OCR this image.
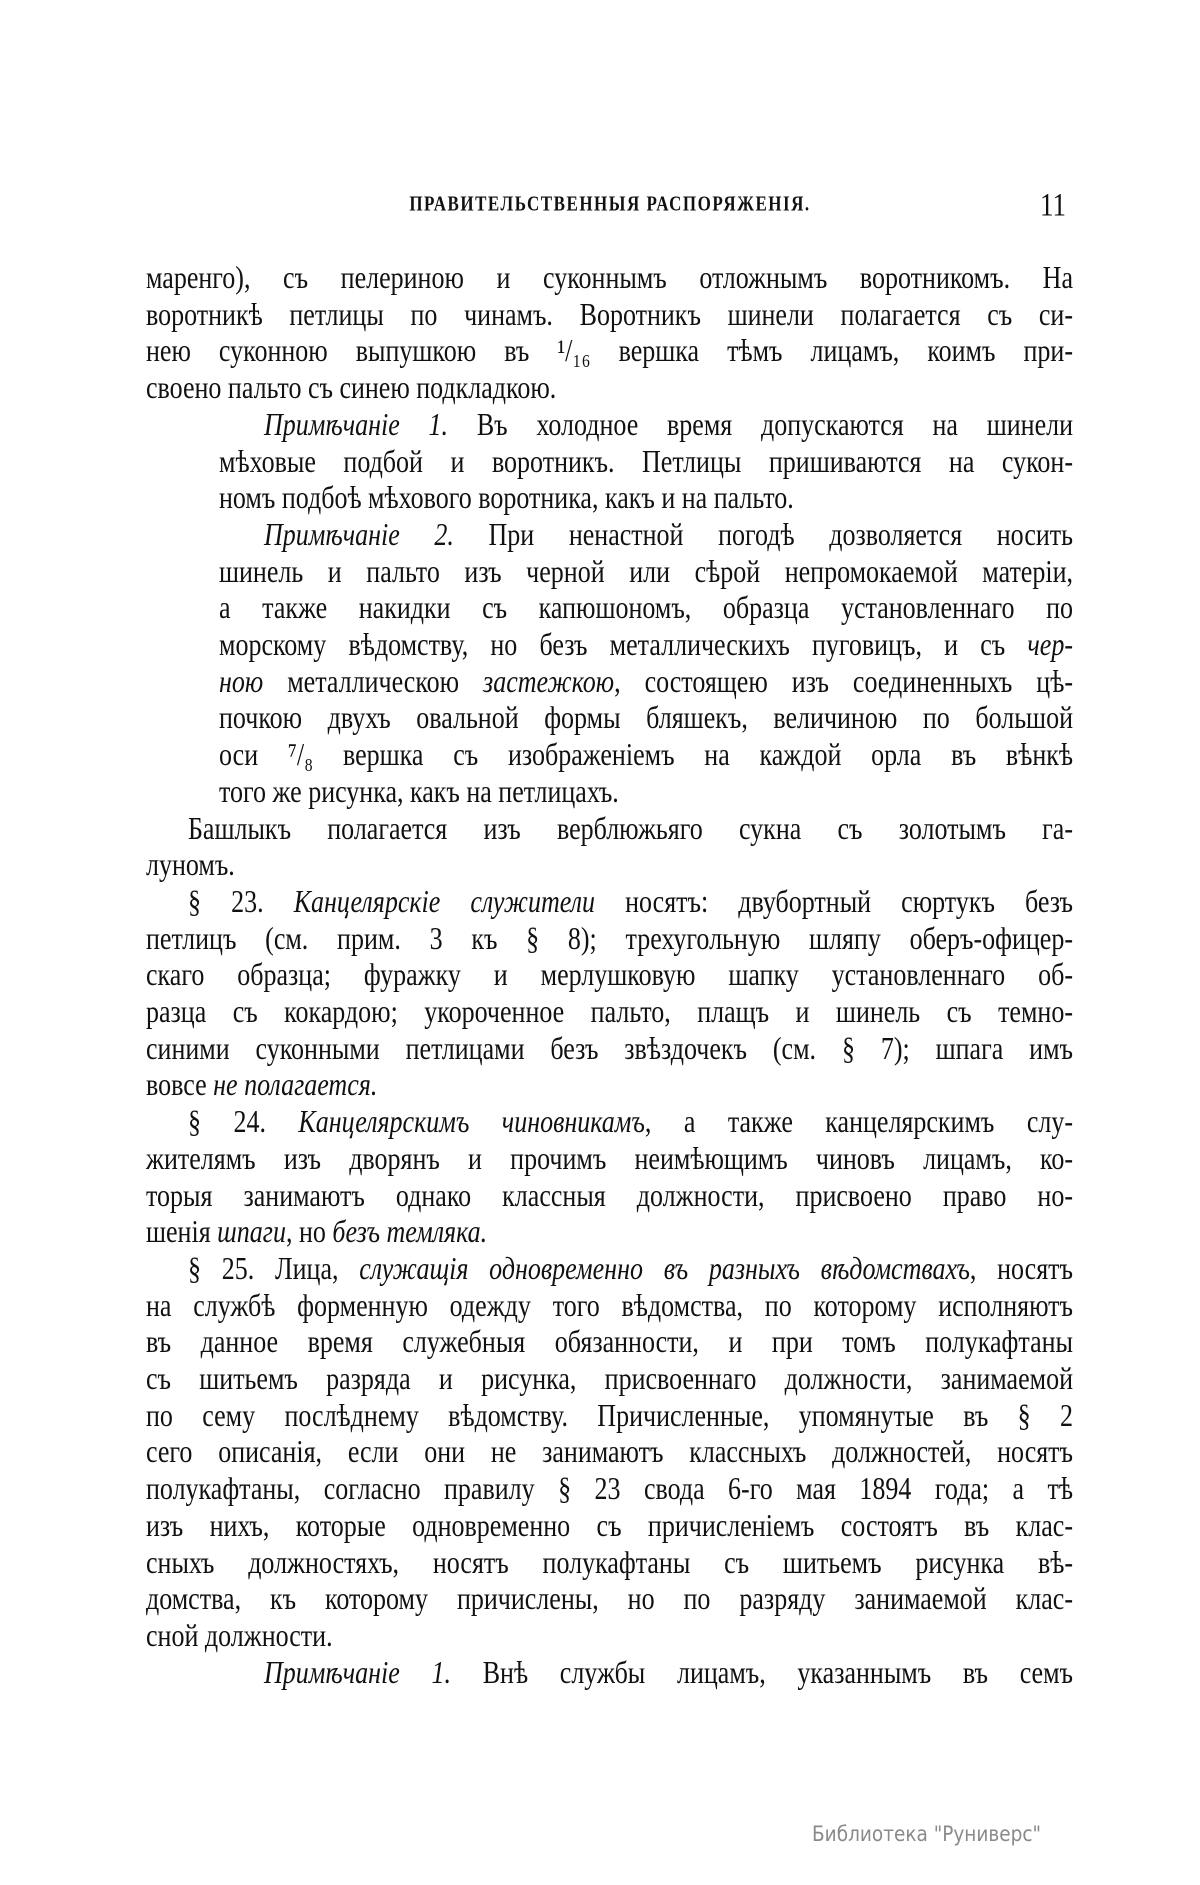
ПРАВИТЕЛЬСТВЕННЫЯ РАСПОРЯЖЕНІЯ.	11
маренго), съ пелериною и суконнымъ отложнымъ воротникомъ. На
воротникѣ петлицы по чинамъ. Воротникъ шинели полагается съ си-
нею суконною выпушкою въ ¹/₁₆ вершка тѣмъ лицамъ, коимъ при-
своено пальто съ синею подкладкою.
Примѣчаніе 1. Въ холодное время допускаются на шинели
мѣховые подбой и воротникъ. Петлицы пришиваются на сукон-
номъ подбоѣ мѣхового воротника, какъ и на пальто.
Примѣчаніе 2. При ненастной погодѣ дозволяется носить
шинель и пальто изъ черной или сѣрой непромокаемой матеріи,
а также накидки съ капюшономъ, образца установленнаго по
морскому вѣдомству, но безъ металлическихъ пуговицъ, и съ чер-
ною металлическою застежкою, состоящею изъ соединенныхъ цѣ-
почкою двухъ овальной формы бляшекъ, величиною по большой
оси ⁷/₈ вершка съ изображеніемъ на каждой орла въ вѣнкѣ
того же рисунка, какъ на петлицахъ.
Башлыкъ полагается изъ верблюжьяго сукна съ золотымъ га-
луномъ.
§ 23. Канцелярскіе служители носятъ: двубортный сюртукъ безъ
петлицъ (см. прим. 3 къ § 8); трехугольную шляпу оберъ-офицер-
скаго образца; фуражку и мерлушковую шапку установленнаго об-
разца съ кокардою; укороченное пальто, плащъ и шинель съ темно-
синими суконными петлицами безъ звѣздочекъ (см. § 7); шпага имъ
вовсе не полагается.
§ 24. Канцелярскимъ чиновникамъ, а также канцелярскимъ слу-
жителямъ изъ дворянъ и прочимъ неимѣющимъ чиновъ лицамъ, ко-
торыя занимаютъ однако классныя должности, присвоено право но-
шенія шпаги, но безъ темляка.
§ 25. Лица, служащія одновременно въ разныхъ вѣдомствахъ, носятъ
на службѣ форменную одежду того вѣдомства, по которому исполняютъ
въ данное время служебныя обязанности, и при томъ полукафтаны
съ шитьемъ разряда и рисунка, присвоеннаго должности, занимаемой
по сему послѣднему вѣдомству. Причисленные, упомянутые въ § 2
сего описанія, если они не занимаютъ классныхъ должностей, носятъ
полукафтаны, согласно правилу § 23 свода 6-го мая 1894 года; а тѣ
изъ нихъ, которые одновременно съ причисленіемъ состоятъ въ клас-
сныхъ должностяхъ, носятъ полукафтаны съ шитьемъ рисунка вѣ-
домства, къ которому причислены, но по разряду занимаемой клас-
сной должности.
Примѣчаніе 1. Внѣ службы лицамъ, указаннымъ въ семъ
Библиотека "Руниверс"
